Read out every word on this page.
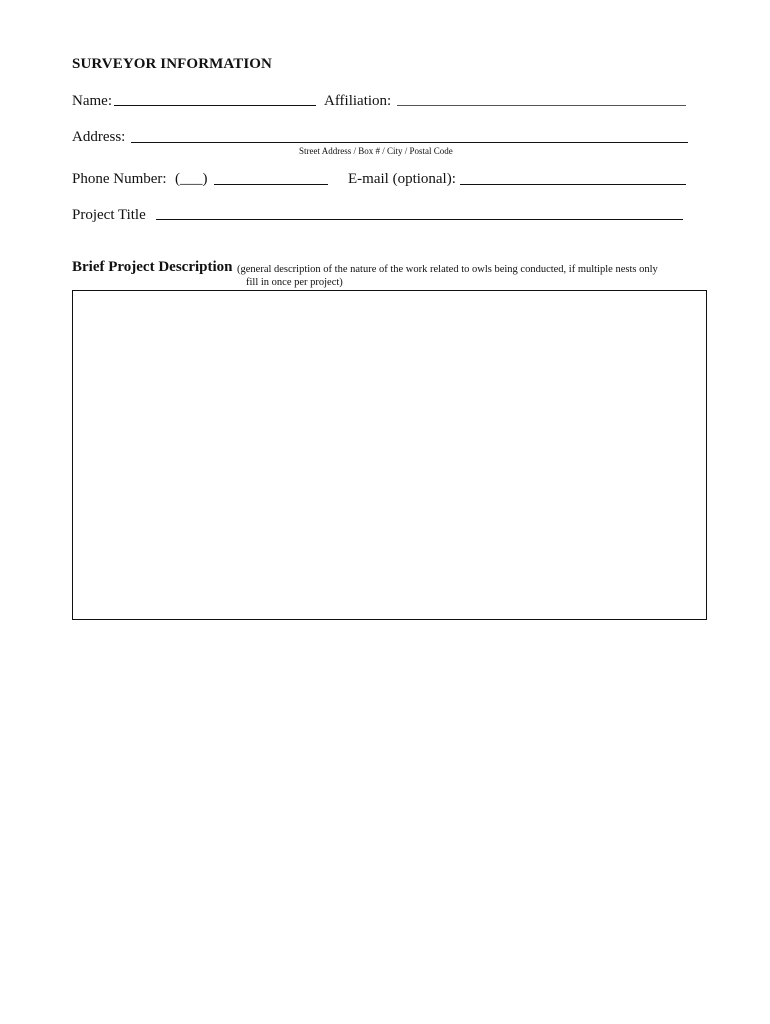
SURVEYOR INFORMATION
Name:	Affiliation:
Address:
Street Address / Box # / City / Postal Code
Phone Number: (___)	E-mail (optional):
Project Title
Brief Project Description (general description of the nature of the work related to owls being conducted, if multiple nests only
fill in once per project)
